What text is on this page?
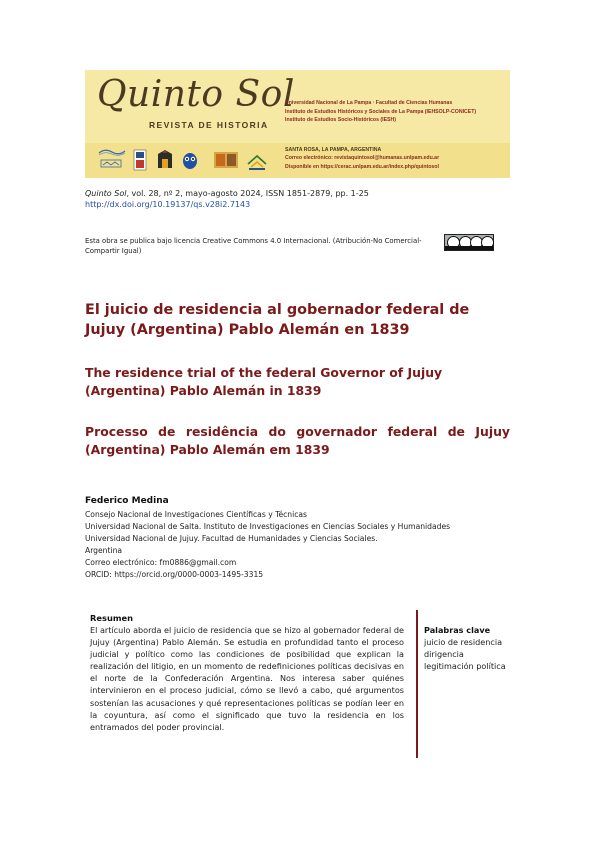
Quinto Sol
REVISTA DE HISTORIA
Universidad Nacional de La Pampa · Facultad de Ciencias Humanas
Instituto de Estudios Históricos y Sociales de La Pampa (IEHSOLP-CONICET)
Instituto de Estudios Socio-Históricos (IESH)
SANTA ROSA, LA PAMPA, ARGENTINA
Correo electrónico: revistaquintosol@humanas.unlpam.edu.ar
Disponible en https://cerac.unlpam.edu.ar/index.php/quintosol
Quinto Sol, vol. 28, nº 2, mayo-agosto 2024, ISSN 1851-2879, pp. 1-25
http://dx.doi.org/10.19137/qs.v28i2.7143
Esta obra se publica bajo licencia Creative Commons 4.0 Internacional. (Atribución-No Comercial-Compartir Igual)
El juicio de residencia al gobernador federal de Jujuy (Argentina) Pablo Alemán en 1839
The residence trial of the federal Governor of Jujuy (Argentina) Pablo Alemán in 1839
Processo de residência do governador federal de Jujuy (Argentina) Pablo Alemán em 1839
Federico Medina
Consejo Nacional de Investigaciones Científicas y Técnicas
Universidad Nacional de Salta. Instituto de Investigaciones en Ciencias Sociales y Humanidades
Universidad Nacional de Jujuy. Facultad de Humanidades y Ciencias Sociales.
Argentina
Correo electrónico: fm0886@gmail.com
ORCID: https://orcid.org/0000-0003-1495-3315
Resumen

El artículo aborda el juicio de residencia que se hizo al gobernador federal de Jujuy (Argentina) Pablo Alemán. Se estudia en profundidad tanto el proceso judicial y político como las condiciones de posibilidad que explican la realización del litigio, en un momento de redefiniciones políticas decisivas en el norte de la Confederación Argentina. Nos interesa saber quiénes intervinieron en el proceso judicial, cómo se llevó a cabo, qué argumentos sostenían las acusaciones y qué representaciones políticas se podían leer en la coyuntura, así como el significado que tuvo la residencia en los entramados del poder provincial.

Palabras clave
juicio de residencia
dirigencia
legitimación política
